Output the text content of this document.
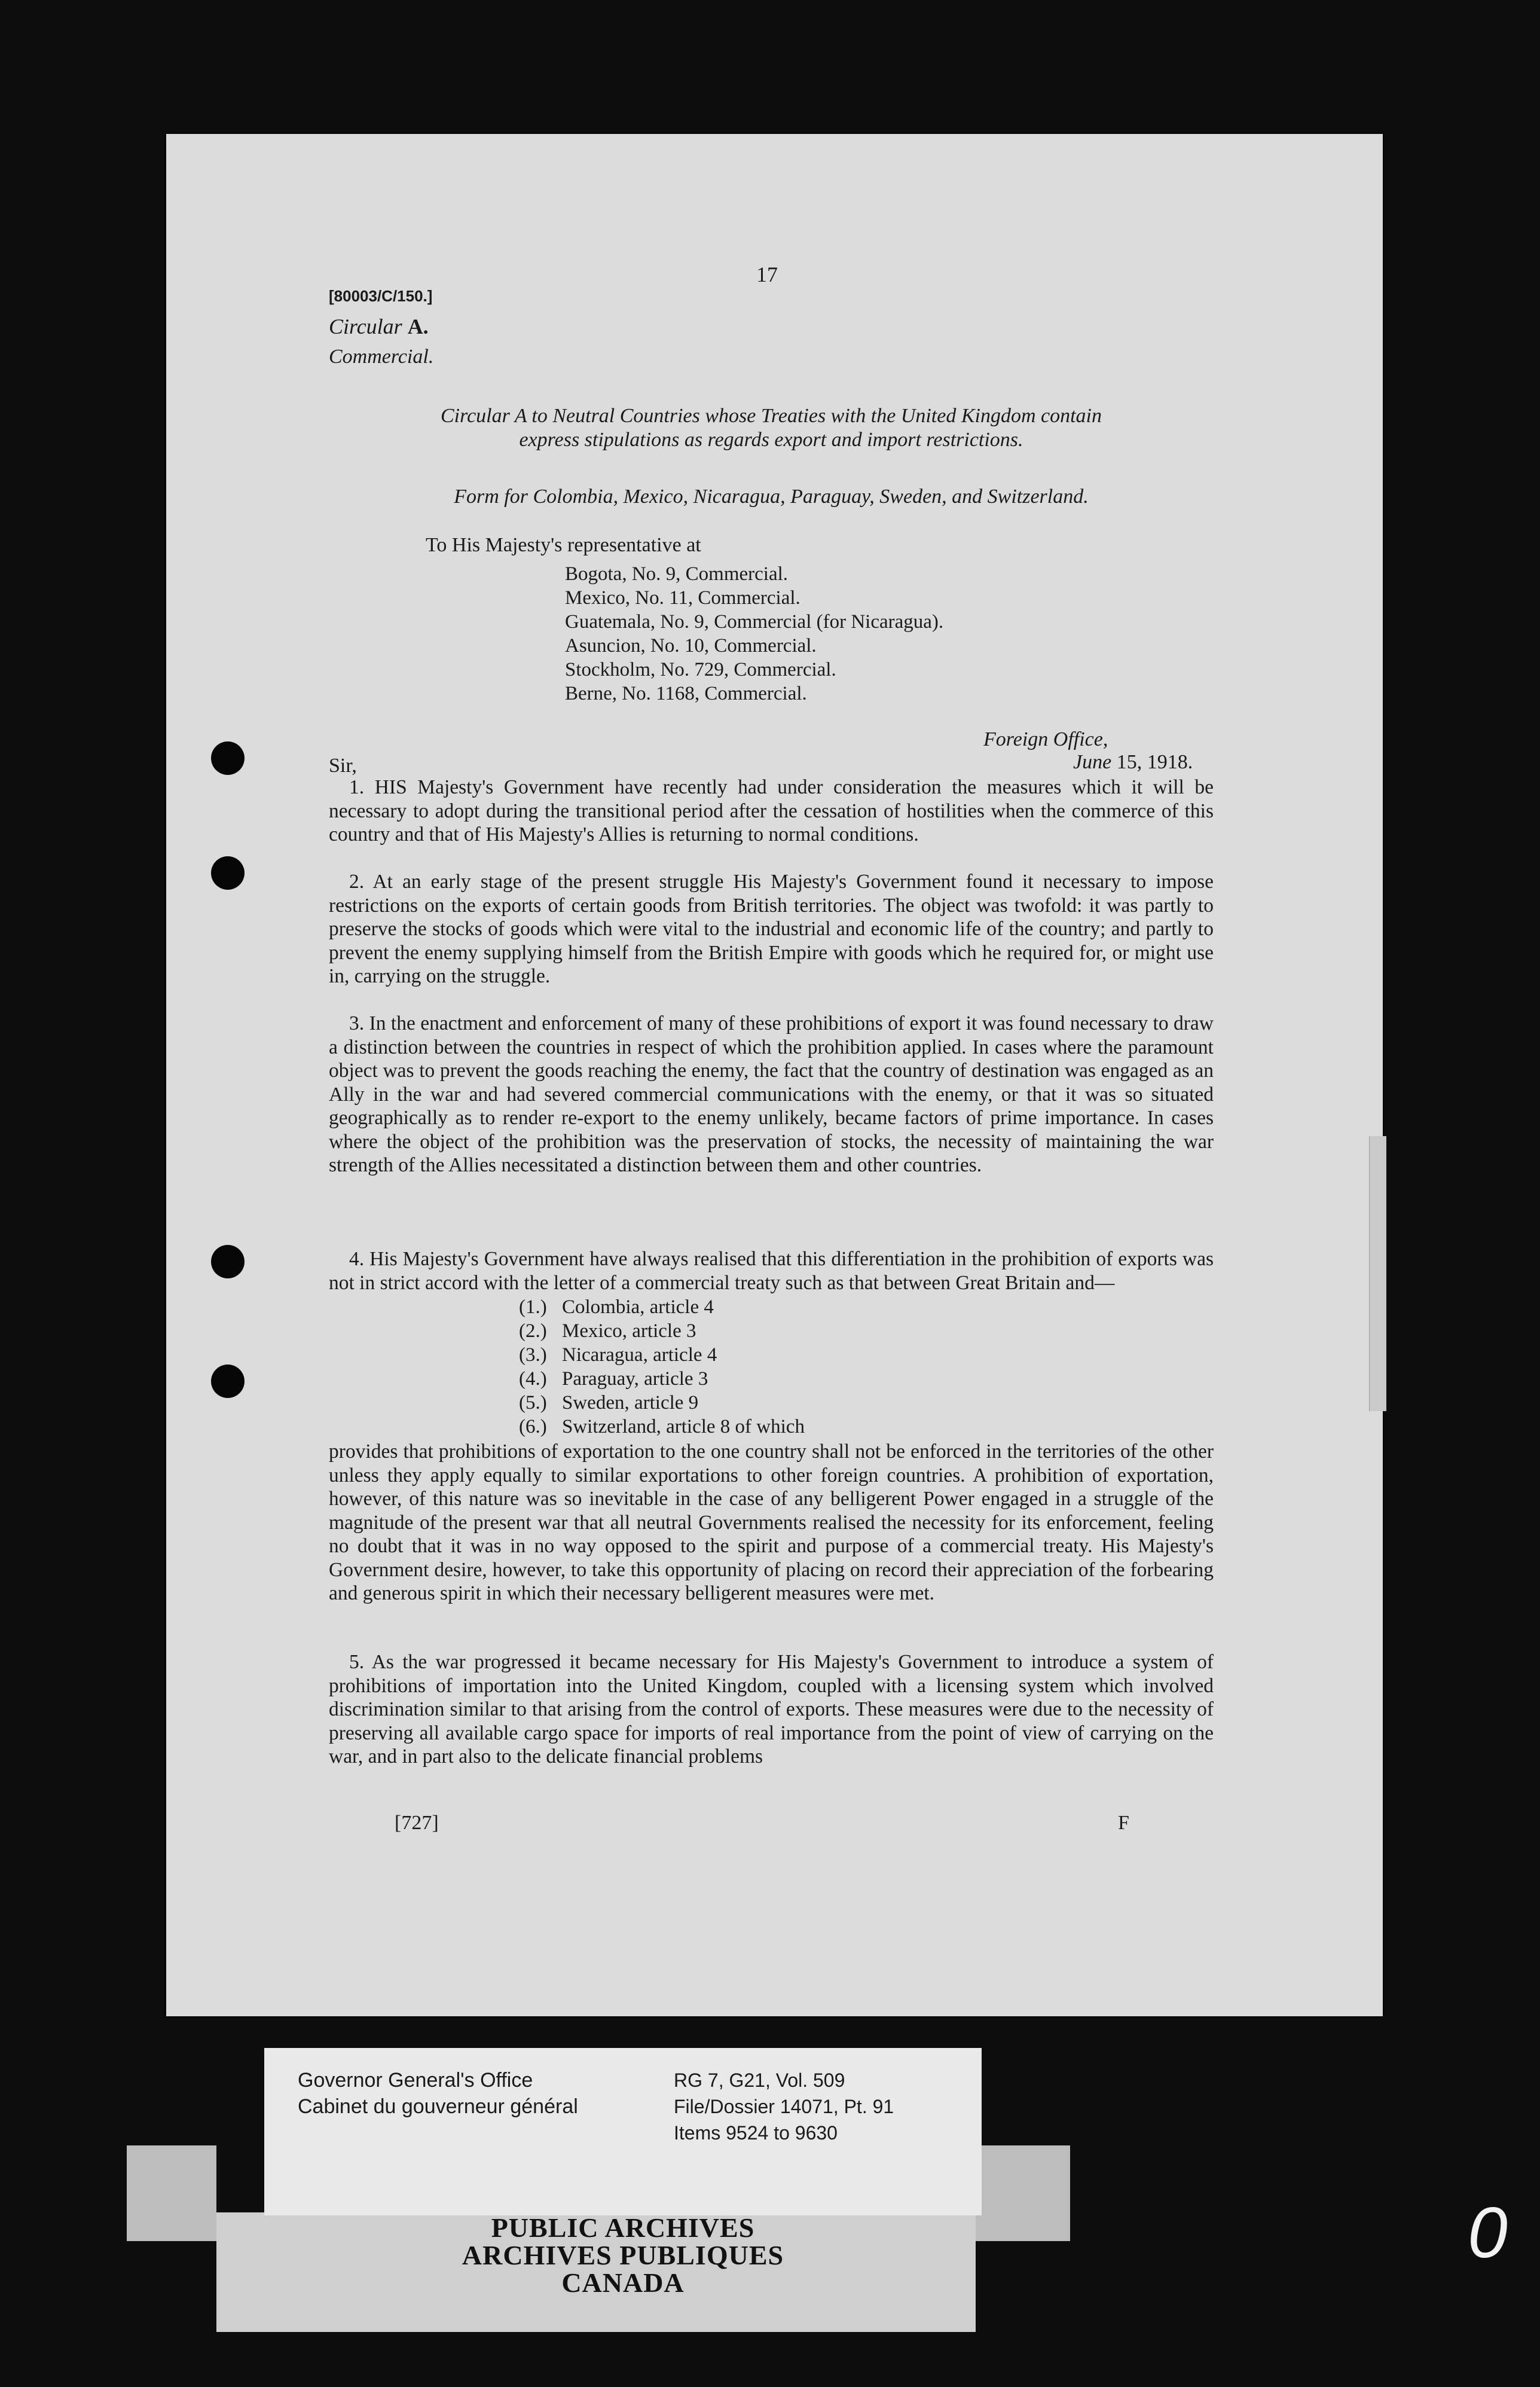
17
[80003/C/150.]
Circular A.
Commercial.
Circular A to Neutral Countries whose Treaties with the United Kingdom contain
express stipulations as regards export and import restrictions.
Form for Colombia, Mexico, Nicaragua, Paraguay, Sweden, and Switzerland.
To His Majesty's representative at
Bogota, No. 9, Commercial.
Mexico, No. 11, Commercial.
Guatemala, No. 9, Commercial (for Nicaragua).
Asuncion, No. 10, Commercial.
Stockholm, No. 729, Commercial.
Berne, No. 1168, Commercial.
Foreign Office,
June 15, 1918.
Sir,

1. HIS Majesty's Government have recently had under consideration the measures which it will be necessary to adopt during the transitional period after the cessation of hostilities when the commerce of this country and that of His Majesty's Allies is returning to normal conditions.

2. At an early stage of the present struggle His Majesty's Government found it necessary to impose restrictions on the exports of certain goods from British territories. The object was twofold: it was partly to preserve the stocks of goods which were vital to the industrial and economic life of the country; and partly to prevent the enemy supplying himself from the British Empire with goods which he required for, or might use in, carrying on the struggle.

3. In the enactment and enforcement of many of these prohibitions of export it was found necessary to draw a distinction between the countries in respect of which the prohibition applied. In cases where the paramount object was to prevent the goods reaching the enemy, the fact that the country of destination was engaged as an Ally in the war and had severed commercial communications with the enemy, or that it was so situated geographically as to render re-export to the enemy unlikely, became factors of prime importance. In cases where the object of the prohibition was the preservation of stocks, the necessity of maintaining the war strength of the Allies necessitated a distinction between them and other countries.

4. His Majesty's Government have always realised that this differentiation in the prohibition of exports was not in strict accord with the letter of a commercial treaty such as that between Great Britain and—

(1.) Colombia, article 4
(2.) Mexico, article 3
(3.) Nicaragua, article 4
(4.) Paraguay, article 3
(5.) Sweden, article 9
(6.) Switzerland, article 8 of which

provides that prohibitions of exportation to the one country shall not be enforced in the territories of the other unless they apply equally to similar exportations to other foreign countries. A prohibition of exportation, however, of this nature was so inevitable in the case of any belligerent Power engaged in a struggle of the magnitude of the present war that all neutral Governments realised the necessity for its enforcement, feeling no doubt that it was in no way opposed to the spirit and purpose of a commercial treaty. His Majesty's Government desire, however, to take this opportunity of placing on record their appreciation of the forbearing and generous spirit in which their necessary belligerent measures were met.

5. As the war progressed it became necessary for His Majesty's Government to introduce a system of prohibitions of importation into the United Kingdom, coupled with a licensing system which involved discrimination similar to that arising from the control of exports. These measures were due to the necessity of preserving all available cargo space for imports of real importance from the point of view of carrying on the war, and in part also to the delicate financial problems

[727]	F
Governor General's Office
Cabinet du gouverneur général
RG 7, G21, Vol. 509
File/Dossier 14071, Pt. 91
Items 9524 to 9630
PUBLIC ARCHIVES
ARCHIVES PUBLIQUES
CANADA
0
